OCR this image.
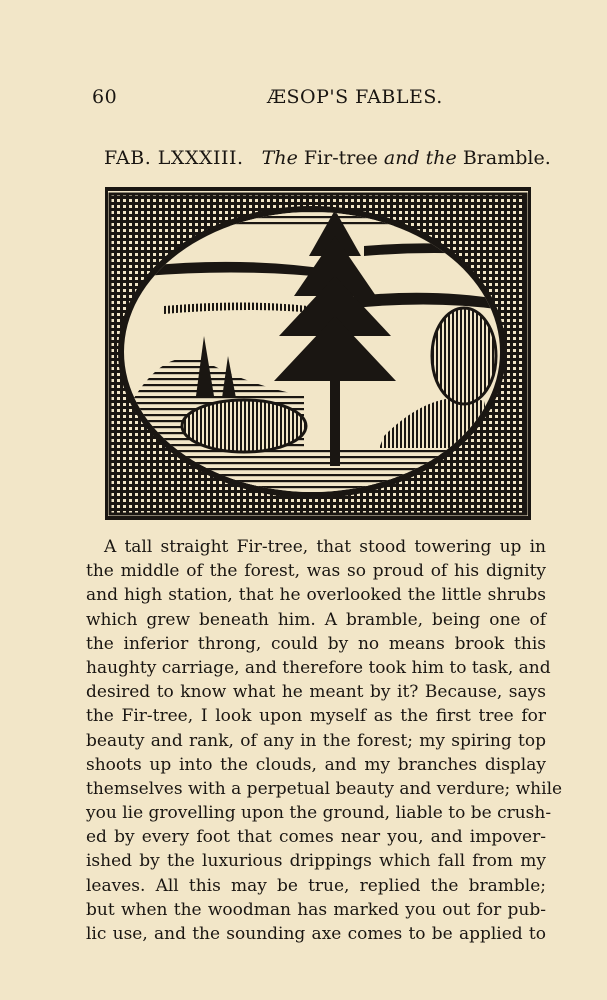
60	ÆSOP'S FABLES.
FAB. LXXXIII. The Fir-tree and the Bramble.
A tall straight Fir-tree, that stood towering up in
the middle of the forest, was so proud of his dignity
and high station, that he overlooked the little shrubs
which grew beneath him. A bramble, being one of
the inferior throng, could by no means brook this
haughty carriage, and therefore took him to task, and
desired to know what he meant by it? Because, says
the Fir-tree, I look upon myself as the first tree for
beauty and rank, of any in the forest; my spiring top
shoots up into the clouds, and my branches display
themselves with a perpetual beauty and verdure; while
you lie grovelling upon the ground, liable to be crush-
ed by every foot that comes near you, and impover-
ished by the luxurious drippings which fall from my
leaves. All this may be true, replied the bramble;
but when the woodman has marked you out for pub-
lic use, and the sounding axe comes to be applied to
